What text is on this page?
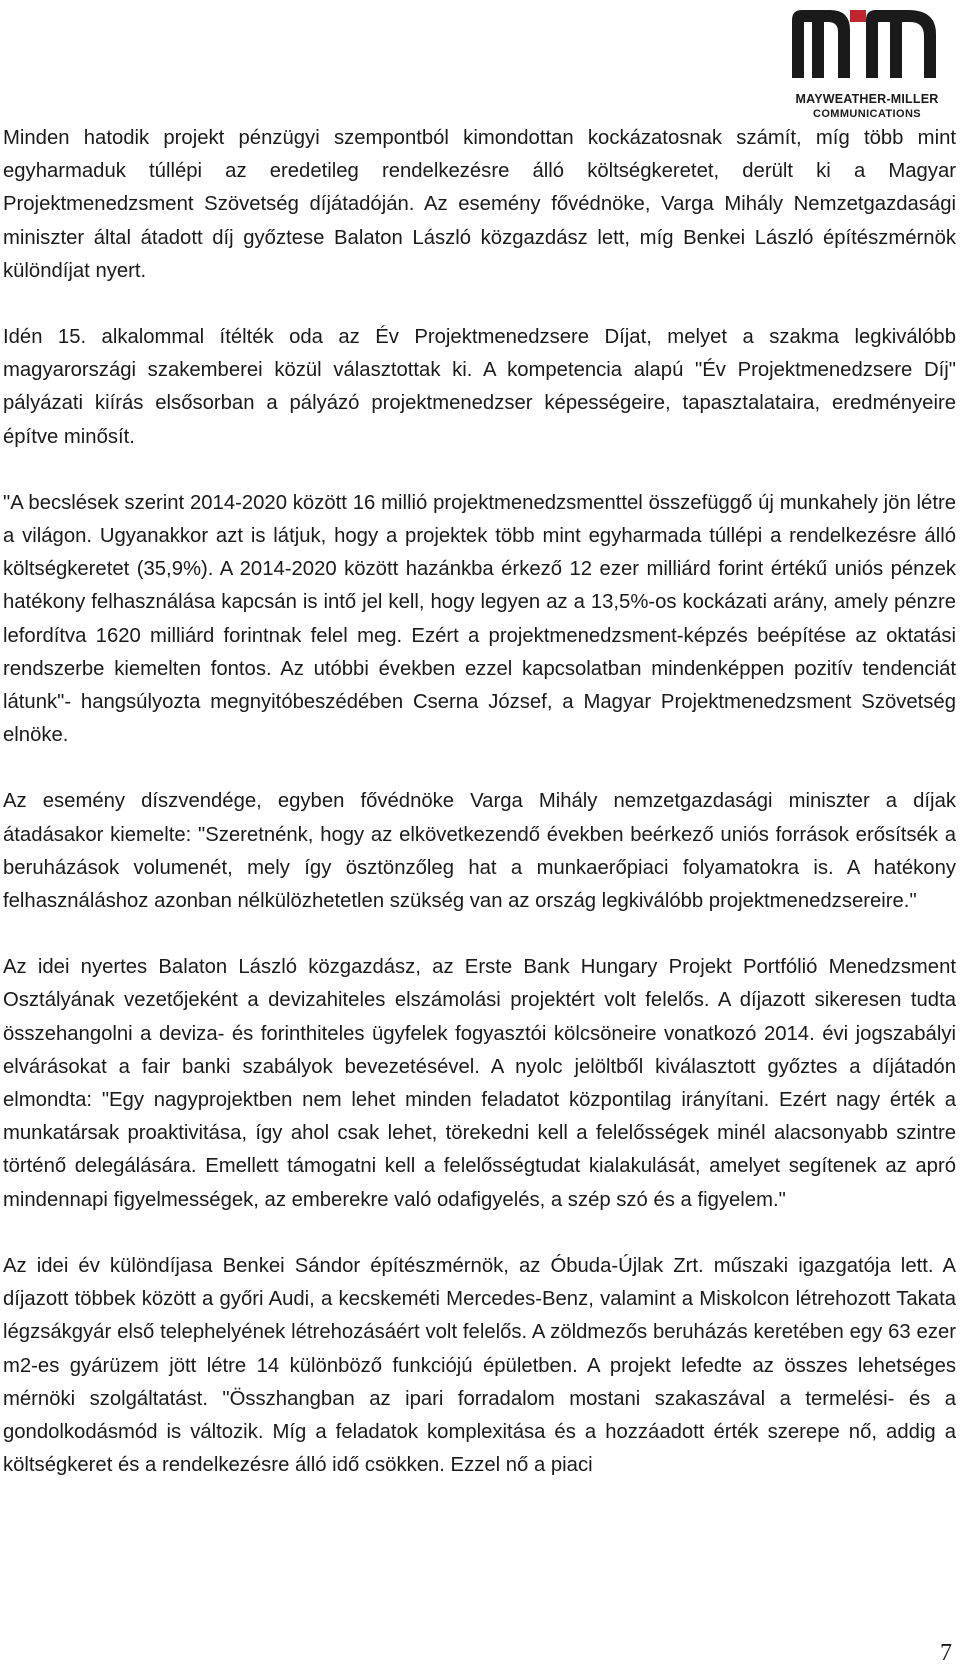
MAYWEATHER-MILLER
COMMUNICATIONS

Minden hatodik projekt pénzügyi szempontból kimondottan kockázatosnak számít, míg több mint egyharmaduk túllépi az eredetileg rendelkezésre álló költségkeretet, derült ki a Magyar Projektmenedzsment Szövetség díjátadóján. Az esemény fővédnöke, Varga Mihály Nemzetgazdasági miniszter által átadott díj győztese Balaton László közgazdász lett, míg Benkei László építészmérnök különdíjat nyert.

Idén 15. alkalommal ítélték oda az Év Projektmenedzsere Díjat, melyet a szakma legkiválóbb magyarországi szakemberei közül választottak ki. A kompetencia alapú "Év Projektmenedzsere Díj" pályázati kiírás elsősorban a pályázó projektmenedzser képességeire, tapasztalataira, eredményeire építve minősít.

"A becslések szerint 2014-2020 között 16 millió projektmenedzsmenttel összefüggő új munkahely jön létre a világon. Ugyanakkor azt is látjuk, hogy a projektek több mint egyharmada túllépi a rendelkezésre álló költségkeretet (35,9%). A 2014-2020 között hazánkba érkező 12 ezer milliárd forint értékű uniós pénzek hatékony felhasználása kapcsán is intő jel kell, hogy legyen az a 13,5%-os kockázati arány, amely pénzre lefordítva 1620 milliárd forintnak felel meg. Ezért a projektmenedzsment-képzés beépítése az oktatási rendszerbe kiemelten fontos. Az utóbbi években ezzel kapcsolatban mindenképpen pozitív tendenciát látunk"- hangsúlyozta megnyitóbeszédében Cserna József, a Magyar Projektmenedzsment Szövetség elnöke.

Az esemény díszvendége, egyben fővédnöke Varga Mihály nemzetgazdasági miniszter a díjak átadásakor kiemelte: "Szeretnénk, hogy az elkövetkezendő években beérkező uniós források erősítsék a beruházások volumenét, mely így ösztönzőleg hat a munkaerőpiaci folyamatokra is. A hatékony felhasználáshoz azonban nélkülözhetetlen szükség van az ország legkiválóbb projektmenedzsereire."

Az idei nyertes Balaton László közgazdász, az Erste Bank Hungary Projekt Portfólió Menedzsment Osztályának vezetőjeként a devizahiteles elszámolási projektért volt felelős. A díjazott sikeresen tudta összehangolni a deviza- és forinthiteles ügyfelek fogyasztói kölcsöneire vonatkozó 2014. évi jogszabályi elvárásokat a fair banki szabályok bevezetésével. A nyolc jelöltből kiválasztott győztes a díjátadón elmondta: "Egy nagyprojektben nem lehet minden feladatot központilag irányítani. Ezért nagy érték a munkatársak proaktivitása, így ahol csak lehet, törekedni kell a felelősségek minél alacsonyabb szintre történő delegálására. Emellett támogatni kell a felelősségtudat kialakulását, amelyet segítenek az apró mindennapi figyelmességek, az emberekre való odafigyelés, a szép szó és a figyelem."

Az idei év különdíjasa Benkei Sándor építészmérnök, az Óbuda-Újlak Zrt. műszaki igazgatója lett. A díjazott többek között a győri Audi, a kecskeméti Mercedes-Benz, valamint a Miskolcon létrehozott Takata légzsákgyár első telephelyének létrehozásáért volt felelős. A zöldmezős beruházás keretében egy 63 ezer m2-es gyárüzem jött létre 14 különböző funkciójú épületben. A projekt lefedte az összes lehetséges mérnöki szolgáltatást. "Összhangban az ipari forradalom mostani szakaszával a termelési- és a gondolkodásmód is változik. Míg a feladatok komplexitása és a hozzáadott érték szerepe nő, addig a költségkeret és a rendelkezésre álló idő csökken. Ezzel nő a piaci

7
